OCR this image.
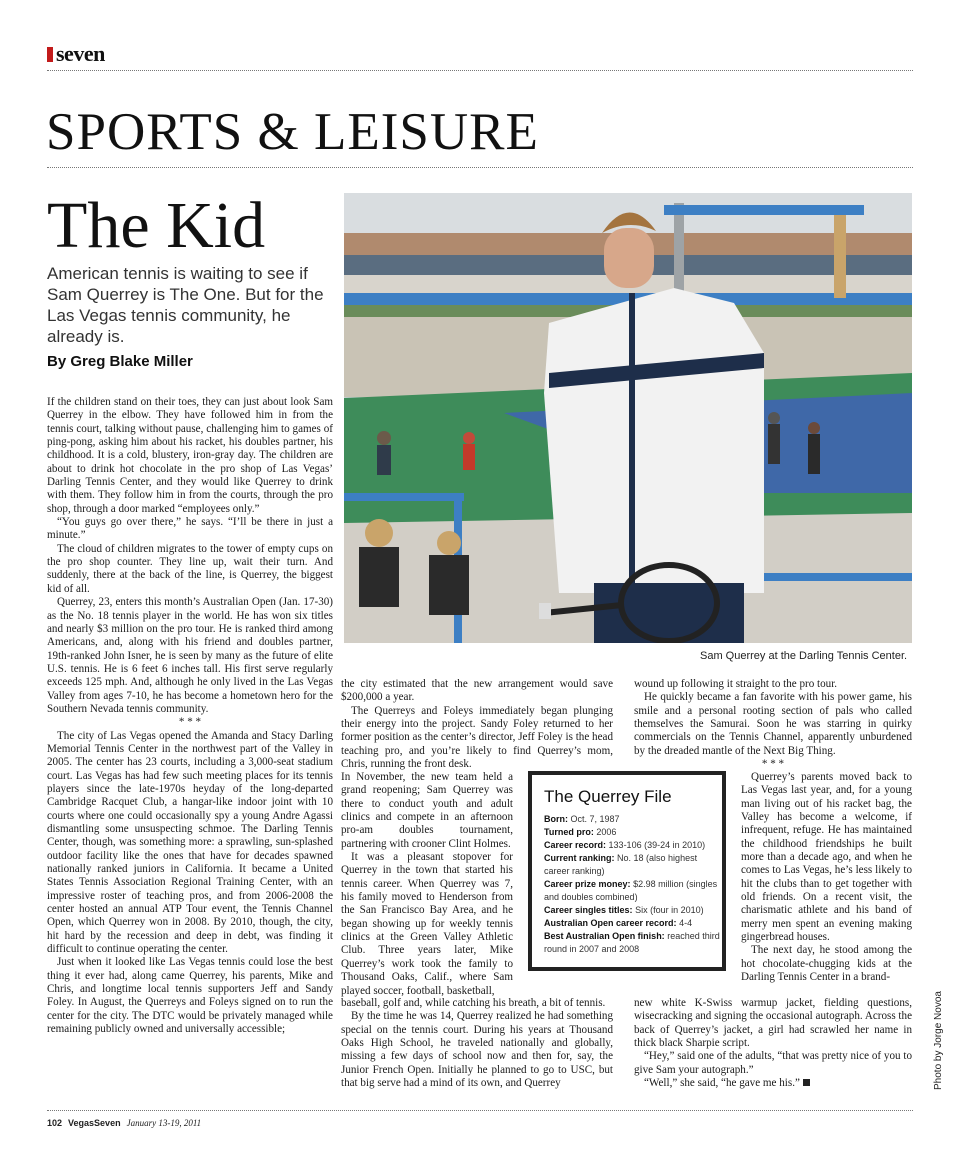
seven
SPORTS & LEISURE
The Kid
American tennis is waiting to see if Sam Querrey is The One. But for the Las Vegas tennis community, he already is.
By Greg Blake Miller
Sam Querrey at the Darling Tennis Center.

If the children stand on their toes, they can just about look Sam Querrey in the elbow. They have followed him in from the tennis court, talking without pause, challenging him to games of ping-pong, asking him about his racket, his doubles partner, his childhood. It is a cold, blustery, iron-gray day. The children are about to drink hot chocolate in the pro shop of Las Vegas’ Darling Tennis Center, and they would like Querrey to drink with them. They follow him in from the courts, through the pro shop, through a door marked “employees only.”

“You guys go over there,” he says. “I’ll be there in just a minute.”

The cloud of children migrates to the tower of empty cups on the pro shop counter. They line up, wait their turn. And suddenly, there at the back of the line, is Querrey, the biggest kid of all.

Querrey, 23, enters this month’s Australian Open (Jan. 17-30) as the No. 18 tennis player in the world. He has won six titles and nearly $3 million on the pro tour. He is ranked third among Americans, and, along with his friend and doubles partner, 19th-ranked John Isner, he is seen by many as the future of elite U.S. tennis. He is 6 feet 6 inches tall. His first serve regularly exceeds 125 mph. And, although he only lived in the Las Vegas Valley from ages 7-10, he has become a hometown hero for the Southern Nevada tennis community.

* * *

The city of Las Vegas opened the Amanda and Stacy Darling Memorial Tennis Center in the northwest part of the Valley in 2005. The center has 23 courts, including a 3,000-seat stadium court. Las Vegas has had few such meeting places for its tennis players since the late-1970s heyday of the long-departed Cambridge Racquet Club, a hangar-like indoor joint with 10 courts where one could occasionally spy a young Andre Agassi dismantling some unsuspecting schmoe. The Darling Tennis Center, though, was something more: a sprawling, sun-splashed outdoor facility like the ones that have for decades spawned nationally ranked juniors in California. It became a United States Tennis Association Regional Training Center, with an impressive roster of teaching pros, and from 2006-2008 the center hosted an annual ATP Tour event, the Tennis Channel Open, which Querrey won in 2008. By 2010, though, the city, hit hard by the recession and deep in debt, was finding it difficult to continue operating the center.

Just when it looked like Las Vegas tennis could lose the best thing it ever had, along came Querrey, his parents, Mike and Chris, and longtime local tennis supporters Jeff and Sandy Foley. In August, the Querreys and Foleys signed on to run the center for the city. The DTC would be privately managed while remaining publicly owned and universally accessible;

the city estimated that the new arrangement would save $200,000 a year.

The Querreys and Foleys immediately began plunging their energy into the project. Sandy Foley returned to her former position as the center’s director, Jeff Foley is the head teaching pro, and you’re likely to find Querrey’s mom, Chris, running the front desk.

In November, the new team held a grand reopening; Sam Querrey was there to conduct youth and adult clinics and compete in an afternoon pro-am doubles tournament, partnering with crooner Clint Holmes.

It was a pleasant stopover for Querrey in the town that started his tennis career. When Querrey was 7, his family moved to Henderson from the San Francisco Bay Area, and he began showing up for weekly tennis clinics at the Green Valley Athletic Club. Three years later, Mike Querrey’s work took the family to Thousand Oaks, Calif., where Sam played soccer, football, basketball,

baseball, golf and, while catching his breath, a bit of tennis.

By the time he was 14, Querrey realized he had something special on the tennis court. During his years at Thousand Oaks High School, he traveled nationally and globally, missing a few days of school now and then for, say, the Junior French Open. Initially he planned to go to USC, but that big serve had a mind of its own, and Querrey

wound up following it straight to the pro tour.

He quickly became a fan favorite with his power game, his smile and a personal rooting section of pals who called themselves the Samurai. Soon he was starring in quirky commercials on the Tennis Channel, apparently unburdened by the dreaded mantle of the Next Big Thing.

* * *

Querrey’s parents moved back to Las Vegas last year, and, for a young man living out of his racket bag, the Valley has become a welcome, if infrequent, refuge. He has maintained the childhood friendships he built more than a decade ago, and when he comes to Las Vegas, he’s less likely to hit the clubs than to get together with old friends. On a recent visit, the charismatic athlete and his band of merry men spent an evening making gingerbread houses.

The next day, he stood among the hot chocolate-chugging kids at the Darling Tennis Center in a brand-

new white K-Swiss warmup jacket, fielding questions, wisecracking and signing the occasional autograph. Across the back of Querrey’s jacket, a girl had scrawled her name in thick black Sharpie script.

“Hey,” said one of the adults, “that was pretty nice of you to give Sam your autograph.”

“Well,” she said, “he gave me his.”

The Querrey File
Born: Oct. 7, 1987
Turned pro: 2006
Career record: 133-106 (39-24 in 2010)
Current ranking: No. 18 (also highest career ranking)
Career prize money: $2.98 million (singles and doubles combined)
Career singles titles: Six (four in 2010)
Australian Open career record: 4-4
Best Australian Open finish: reached third round in 2007 and 2008
Photo by Jorge Novoa
102 VegasSeven January 13-19, 2011
